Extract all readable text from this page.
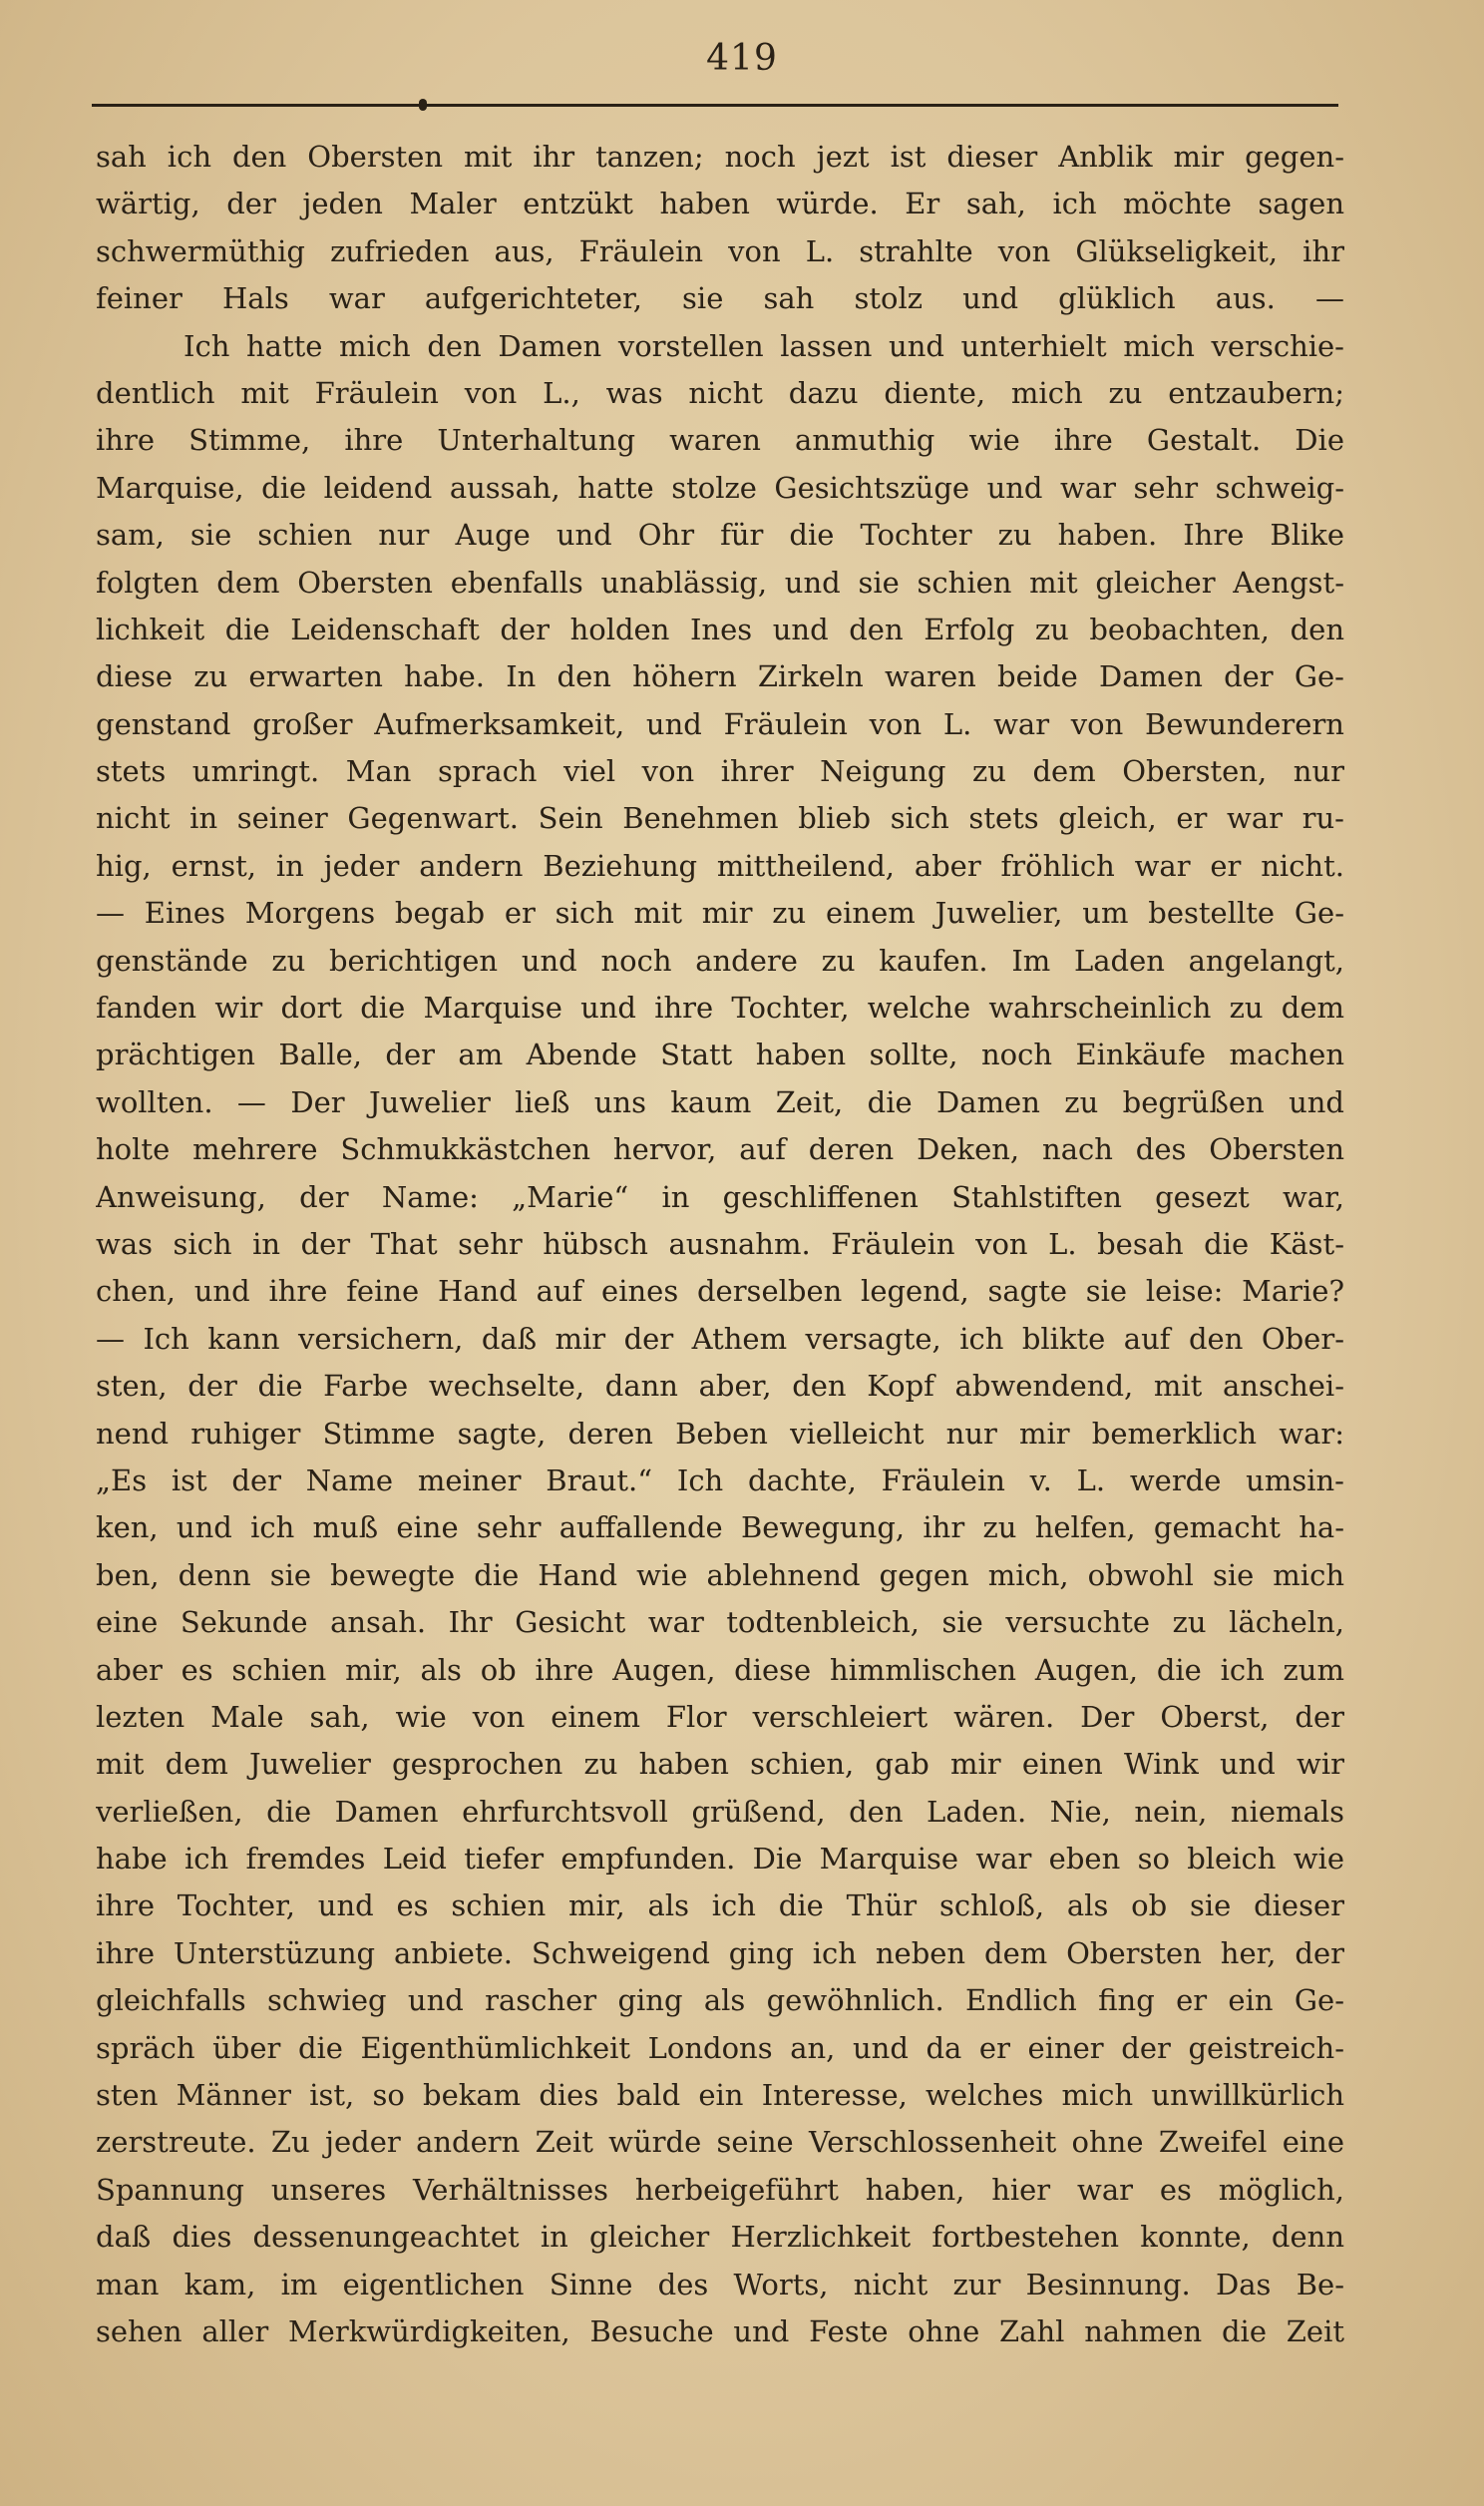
419
sah ich den Obersten mit ihr tanzen; noch jezt ist dieser Anblik mir gegen-
wärtig, der jeden Maler entzükt haben würde. Er sah, ich möchte sagen
schwermüthig zufrieden aus, Fräulein von L. strahlte von Glükseligkeit, ihr
feiner Hals war aufgerichteter, sie sah stolz und glüklich aus. —
Ich hatte mich den Damen vorstellen lassen und unterhielt mich verschie-
dentlich mit Fräulein von L., was nicht dazu diente, mich zu entzaubern;
ihre Stimme, ihre Unterhaltung waren anmuthig wie ihre Gestalt. Die
Marquise, die leidend aussah, hatte stolze Gesichtszüge und war sehr schweig-
sam, sie schien nur Auge und Ohr für die Tochter zu haben. Ihre Blike
folgten dem Obersten ebenfalls unablässig, und sie schien mit gleicher Aengst-
lichkeit die Leidenschaft der holden Ines und den Erfolg zu beobachten, den
diese zu erwarten habe. In den höhern Zirkeln waren beide Damen der Ge-
genstand großer Aufmerksamkeit, und Fräulein von L. war von Bewunderern
stets umringt. Man sprach viel von ihrer Neigung zu dem Obersten, nur
nicht in seiner Gegenwart. Sein Benehmen blieb sich stets gleich, er war ru-
hig, ernst, in jeder andern Beziehung mittheilend, aber fröhlich war er nicht.
— Eines Morgens begab er sich mit mir zu einem Juwelier, um bestellte Ge-
genstände zu berichtigen und noch andere zu kaufen. Im Laden angelangt,
fanden wir dort die Marquise und ihre Tochter, welche wahrscheinlich zu dem
prächtigen Balle, der am Abende Statt haben sollte, noch Einkäufe machen
wollten. — Der Juwelier ließ uns kaum Zeit, die Damen zu begrüßen und
holte mehrere Schmukkästchen hervor, auf deren Deken, nach des Obersten
Anweisung, der Name: „Marie“ in geschliffenen Stahlstiften gesezt war,
was sich in der That sehr hübsch ausnahm. Fräulein von L. besah die Käst-
chen, und ihre feine Hand auf eines derselben legend, sagte sie leise: Marie?
— Ich kann versichern, daß mir der Athem versagte, ich blikte auf den Ober-
sten, der die Farbe wechselte, dann aber, den Kopf abwendend, mit anschei-
nend ruhiger Stimme sagte, deren Beben vielleicht nur mir bemerklich war:
„Es ist der Name meiner Braut.“ Ich dachte, Fräulein v. L. werde umsin-
ken, und ich muß eine sehr auffallende Bewegung, ihr zu helfen, gemacht ha-
ben, denn sie bewegte die Hand wie ablehnend gegen mich, obwohl sie mich
eine Sekunde ansah. Ihr Gesicht war todtenbleich, sie versuchte zu lächeln,
aber es schien mir, als ob ihre Augen, diese himmlischen Augen, die ich zum
lezten Male sah, wie von einem Flor verschleiert wären. Der Oberst, der
mit dem Juwelier gesprochen zu haben schien, gab mir einen Wink und wir
verließen, die Damen ehrfurchtsvoll grüßend, den Laden. Nie, nein, niemals
habe ich fremdes Leid tiefer empfunden. Die Marquise war eben so bleich wie
ihre Tochter, und es schien mir, als ich die Thür schloß, als ob sie dieser
ihre Unterstüzung anbiete. Schweigend ging ich neben dem Obersten her, der
gleichfalls schwieg und rascher ging als gewöhnlich. Endlich fing er ein Ge-
spräch über die Eigenthümlichkeit Londons an, und da er einer der geistreich-
sten Männer ist, so bekam dies bald ein Interesse, welches mich unwillkürlich
zerstreute. Zu jeder andern Zeit würde seine Verschlossenheit ohne Zweifel eine
Spannung unseres Verhältnisses herbeigeführt haben, hier war es möglich,
daß dies dessenungeachtet in gleicher Herzlichkeit fortbestehen konnte, denn
man kam, im eigentlichen Sinne des Worts, nicht zur Besinnung. Das Be-
sehen aller Merkwürdigkeiten, Besuche und Feste ohne Zahl nahmen die Zeit
